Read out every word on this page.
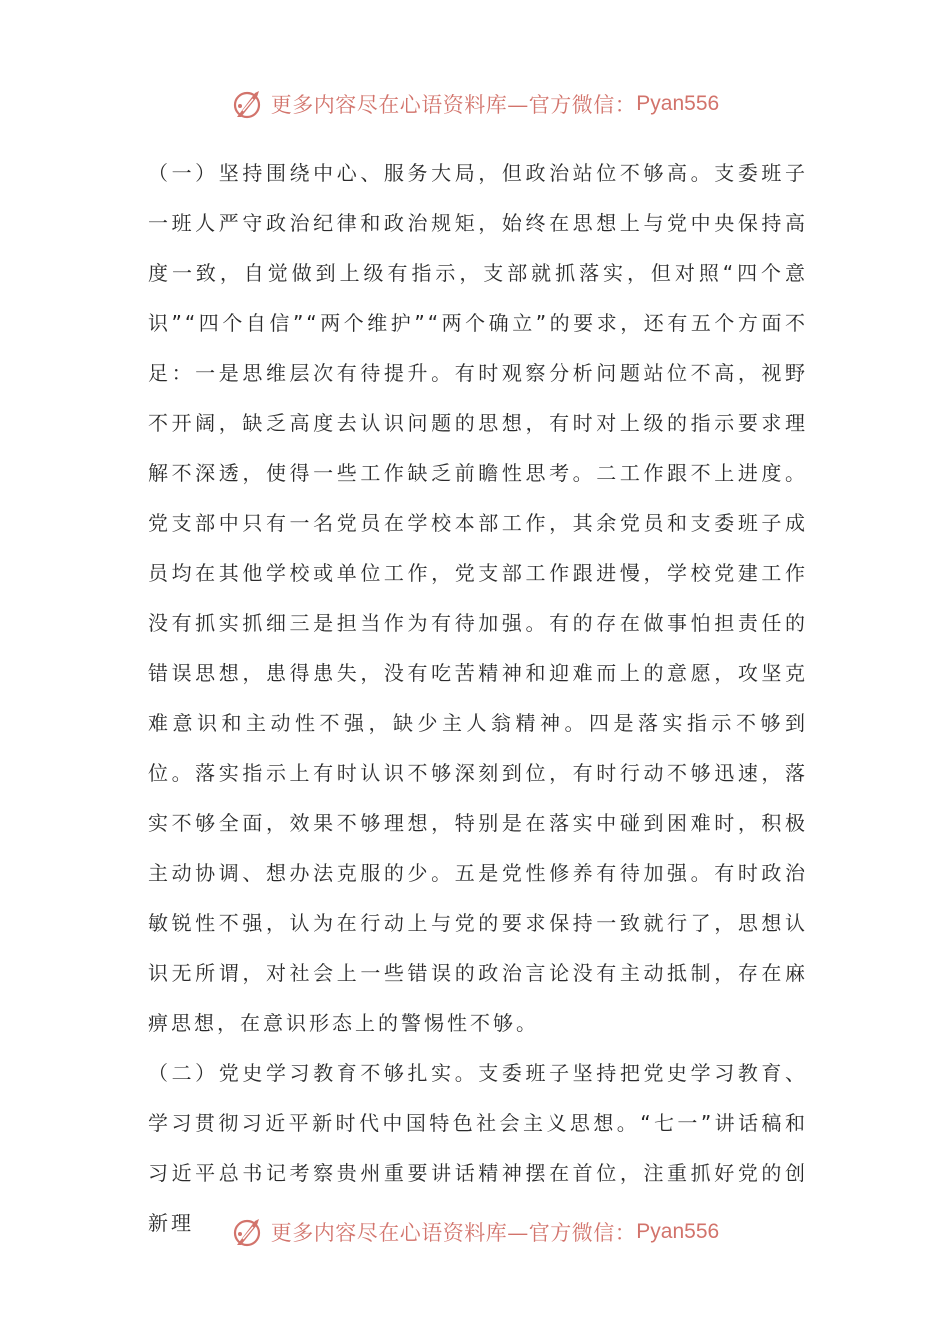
更多内容尽在心语资料库—官方微信： Pyan556

（一）坚持围绕中心、服务大局，但政治站位不够高。支委班子一班人严守政治纪律和政治规矩，始终在思想上与党中央保持高度一致，自觉做到上级有指示，支部就抓落实，但对照“四个意识”“四个自信”“两个维护”“两个确立”的要求，还有五个方面不足：一是思维层次有待提升。有时观察分析问题站位不高，视野不开阔，缺乏高度去认识问题的思想，有时对上级的指示要求理解不深透，使得一些工作缺乏前瞻性思考。二工作跟不上进度。党支部中只有一名党员在学校本部工作，其余党员和支委班子成员均在其他学校或单位工作，党支部工作跟进慢，学校党建工作没有抓实抓细三是担当作为有待加强。有的存在做事怕担责任的错误思想，患得患失，没有吃苦精神和迎难而上的意愿，攻坚克难意识和主动性不强，缺少主人翁精神。四是落实指示不够到位。落实指示上有时认识不够深刻到位，有时行动不够迅速，落实不够全面，效果不够理想，特别是在落实中碰到困难时，积极主动协调、想办法克服的少。五是党性修养有待加强。有时政治敏锐性不强，认为在行动上与党的要求保持一致就行了，思想认识无所谓，对社会上一些错误的政治言论没有主动抵制，存在麻痹思想，在意识形态上的警惕性不够。

（二）党史学习教育不够扎实。支委班子坚持把党史学习教育、学习贯彻习近平新时代中国特色社会主义思想。“七一”讲话稿和习近平总书记考察贵州重要讲话精神摆在首位，注重抓好党的创新理	更多内容尽在心语资料库—官方微信： Pyan556
